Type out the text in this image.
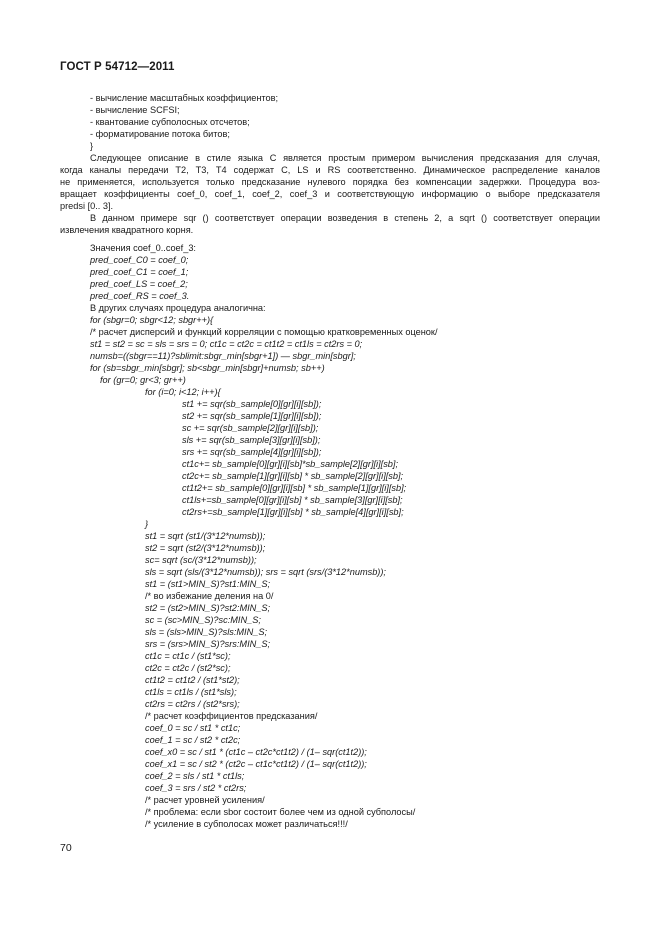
ГОСТ Р 54712—2011
- вычисление масштабных коэффициентов;
- вычисление SCFSI;
- квантование субполосных отсчетов;
- форматирование потока битов;
}
Следующее описание в стиле языка С является простым примером вычисления предсказания для случая,
когда каналы передачи Т2, Т3, Т4 содержат С, LS и RS соответственно. Динамическое распределение каналов
не применяется, используется только предсказание нулевого порядка без компенсации задержки. Процедура воз-
вращает коэффициенты coef_0, coef_1, coef_2, coef_3 и соответствующую информацию о выборе предсказателя
predsi [0.. 3].
В данном примере sqr () соответствует операции возведения в степень 2, а sqrt () соответствует операции
извлечения квадратного корня.
Значения coef_0..coef_3:
pred_coef_C0 = coef_0;
pred_coef_C1 = coef_1;
pred_coef_LS = coef_2;
pred_coef_RS = coef_3.
В других случаях процедура аналогична:
for (sbgr=0; sbgr<12; sbgr++){
/* расчет дисперсий и функций корреляции с помощью кратковременных оценок/
st1 = st2 = sc = sls = srs = 0; ct1c = ct2c = ct1t2 = ct1ls = ct2rs = 0;
numsb=((sbgr==11)?sblimit:sbgr_min[sbgr+1]) — sbgr_min[sbgr];
for (sb=sbgr_min[sbgr]; sb<sbgr_min[sbgr]+numsb; sb++)
for (gr=0; gr<3; gr++)
for (i=0; i<12; i++){
st1 += sqr(sb_sample[0][gr][i][sb]);
st2 += sqr(sb_sample[1][gr][i][sb]);
sc += sqr(sb_sample[2][gr][i][sb]);
sls += sqr(sb_sample[3][gr][i][sb]);
srs += sqr(sb_sample[4][gr][i][sb]);
ct1c+= sb_sample[0][gr][i][sb]*sb_sample[2][gr][i][sb];
ct2c+= sb_sample[1][gr][i][sb] * sb_sample[2][gr][i][sb];
ct1t2+= sb_sample[0][gr][i][sb] * sb_sample[1][gr][i][sb];
ct1ls+=sb_sample[0][gr][i][sb] * sb_sample[3][gr][i][sb];
ct2rs+=sb_sample[1][gr][i][sb] * sb_sample[4][gr][i][sb];
}
st1 = sqrt (st1/(3*12*numsb));
st2 = sqrt (st2/(3*12*numsb));
sc= sqrt (sc/(3*12*numsb));
sls = sqrt (sls/(3*12*numsb)); srs = sqrt (srs/(3*12*numsb));
st1 = (st1>MIN_S)?st1:MIN_S;
/* во избежание деления на 0/
st2 = (st2>MIN_S)?st2:MIN_S;
sc = (sc>MIN_S)?sc:MIN_S;
sls = (sls>MIN_S)?sls:MIN_S;
srs = (srs>MIN_S)?srs:MIN_S;
ct1c = ct1c / (st1*sc);
ct2c = ct2c / (st2*sc);
ct1t2 = ct1t2 / (st1*st2);
ct1ls = ct1ls / (st1*sls);
ct2rs = ct2rs / (st2*srs);
/* расчет коэффициентов предсказания/
coef_0 = sc / st1 * ct1c;
coef_1 = sc / st2 * ct2c;
coef_x0 = sc / st1 * (ct1c – ct2c*ct1t2) / (1– sqr(ct1t2));
coef_x1 = sc / st2 * (ct2c – ct1c*ct1t2) / (1– sqr(ct1t2));
coef_2 = sls / st1 * ct1ls;
coef_3 = srs / st2 * ct2rs;
/* расчет уровней усиления/
/* проблема: если sbor состоит более чем из одной субполосы/
/* усиление в субполосах может различаться!!!/
70
